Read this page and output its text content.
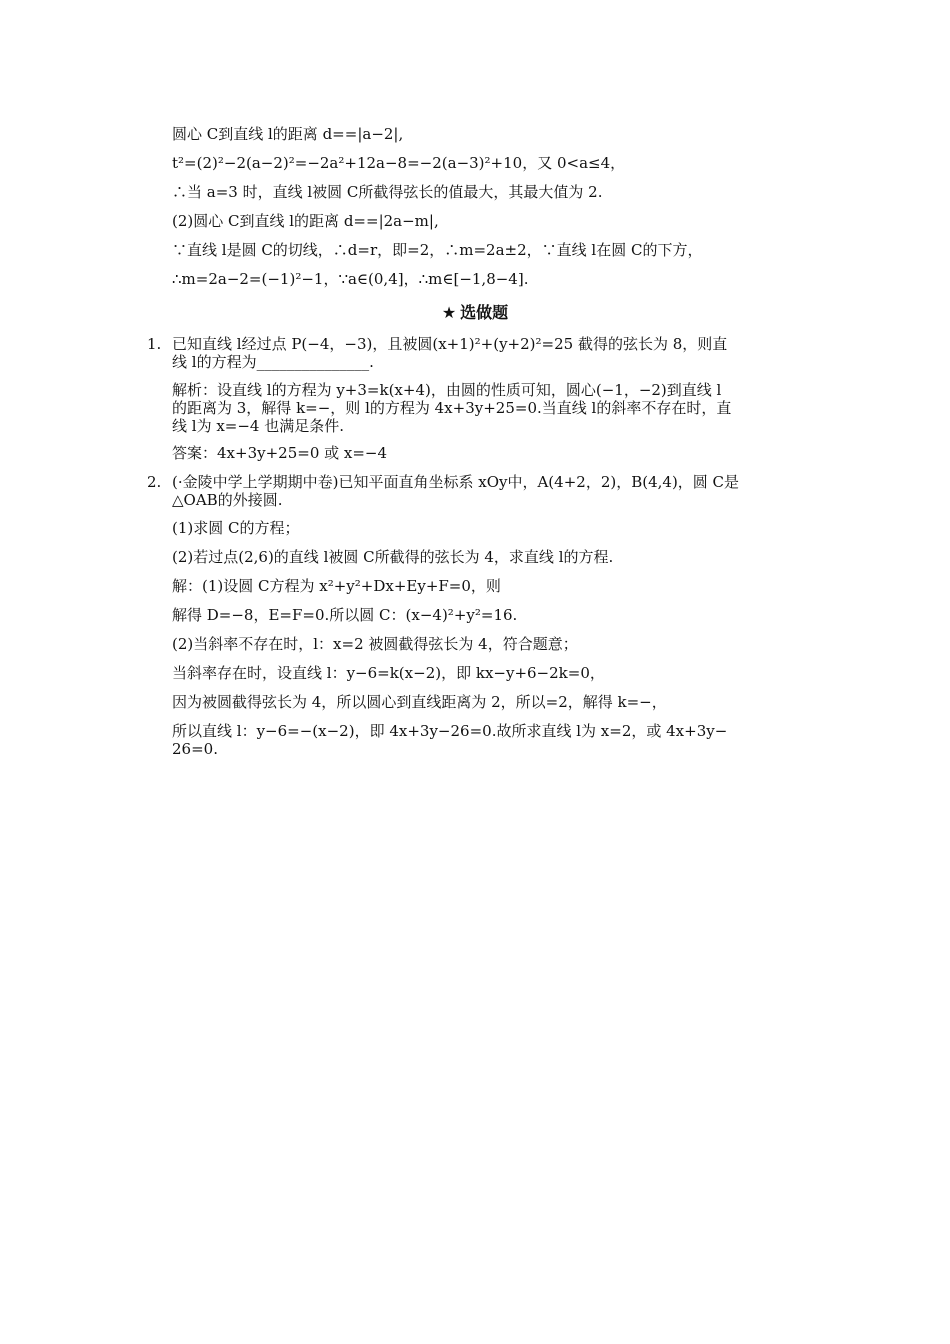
圆心 C到直线 l的距离 d==|a−2|,

t²=(2)²−2(a−2)²=−2a²+12a−8=−2(a−3)²+10，又 0<a≤4，

∴当 a=3 时，直线 l被圆 C所截得弦长的值最大，其最大值为 2.

(2)圆心 C到直线 l的距离 d==|2a−m|,

∵直线 l是圆 C的切线，∴d=r，即=2，∴m=2a±2，∵直线 l在圆 C的下方，

∴m=2a−2=(−1)²−1，∵a∈(0,4]，∴m∈[−1,8−4].

★ 选做题

1. 已知直线 l经过点 P(−4，−3)，且被圆(x+1)²+(y+2)²=25 截得的弦长为 8，则直

线 l的方程为_______________.

解析：设直线 l的方程为 y+3=k(x+4)，由圆的性质可知，圆心(−1，−2)到直线 l

的距离为 3，解得 k=−，则 l的方程为 4x+3y+25=0.当直线 l的斜率不存在时，直

线 l为 x=−4 也满足条件.

答案：4x+3y+25=0 或 x=−4

2. (·金陵中学上学期期中卷)已知平面直角坐标系 xOy中，A(4+2，2)，B(4,4)，圆 C是

△OAB的外接圆.

(1)求圆 C的方程；

(2)若过点(2,6)的直线 l被圆 C所截得的弦长为 4，求直线 l的方程.

解：(1)设圆 C方程为 x²+y²+Dx+Ey+F=0，则

解得 D=−8，E=F=0.所以圆 C：(x−4)²+y²=16.

(2)当斜率不存在时，l：x=2 被圆截得弦长为 4，符合题意；

当斜率存在时，设直线 l：y−6=k(x−2)，即 kx−y+6−2k=0，

因为被圆截得弦长为 4，所以圆心到直线距离为 2，所以=2，解得 k=−，

所以直线 l：y−6=−(x−2)，即 4x+3y−26=0.故所求直线 l为 x=2，或 4x+3y−

26=0.
